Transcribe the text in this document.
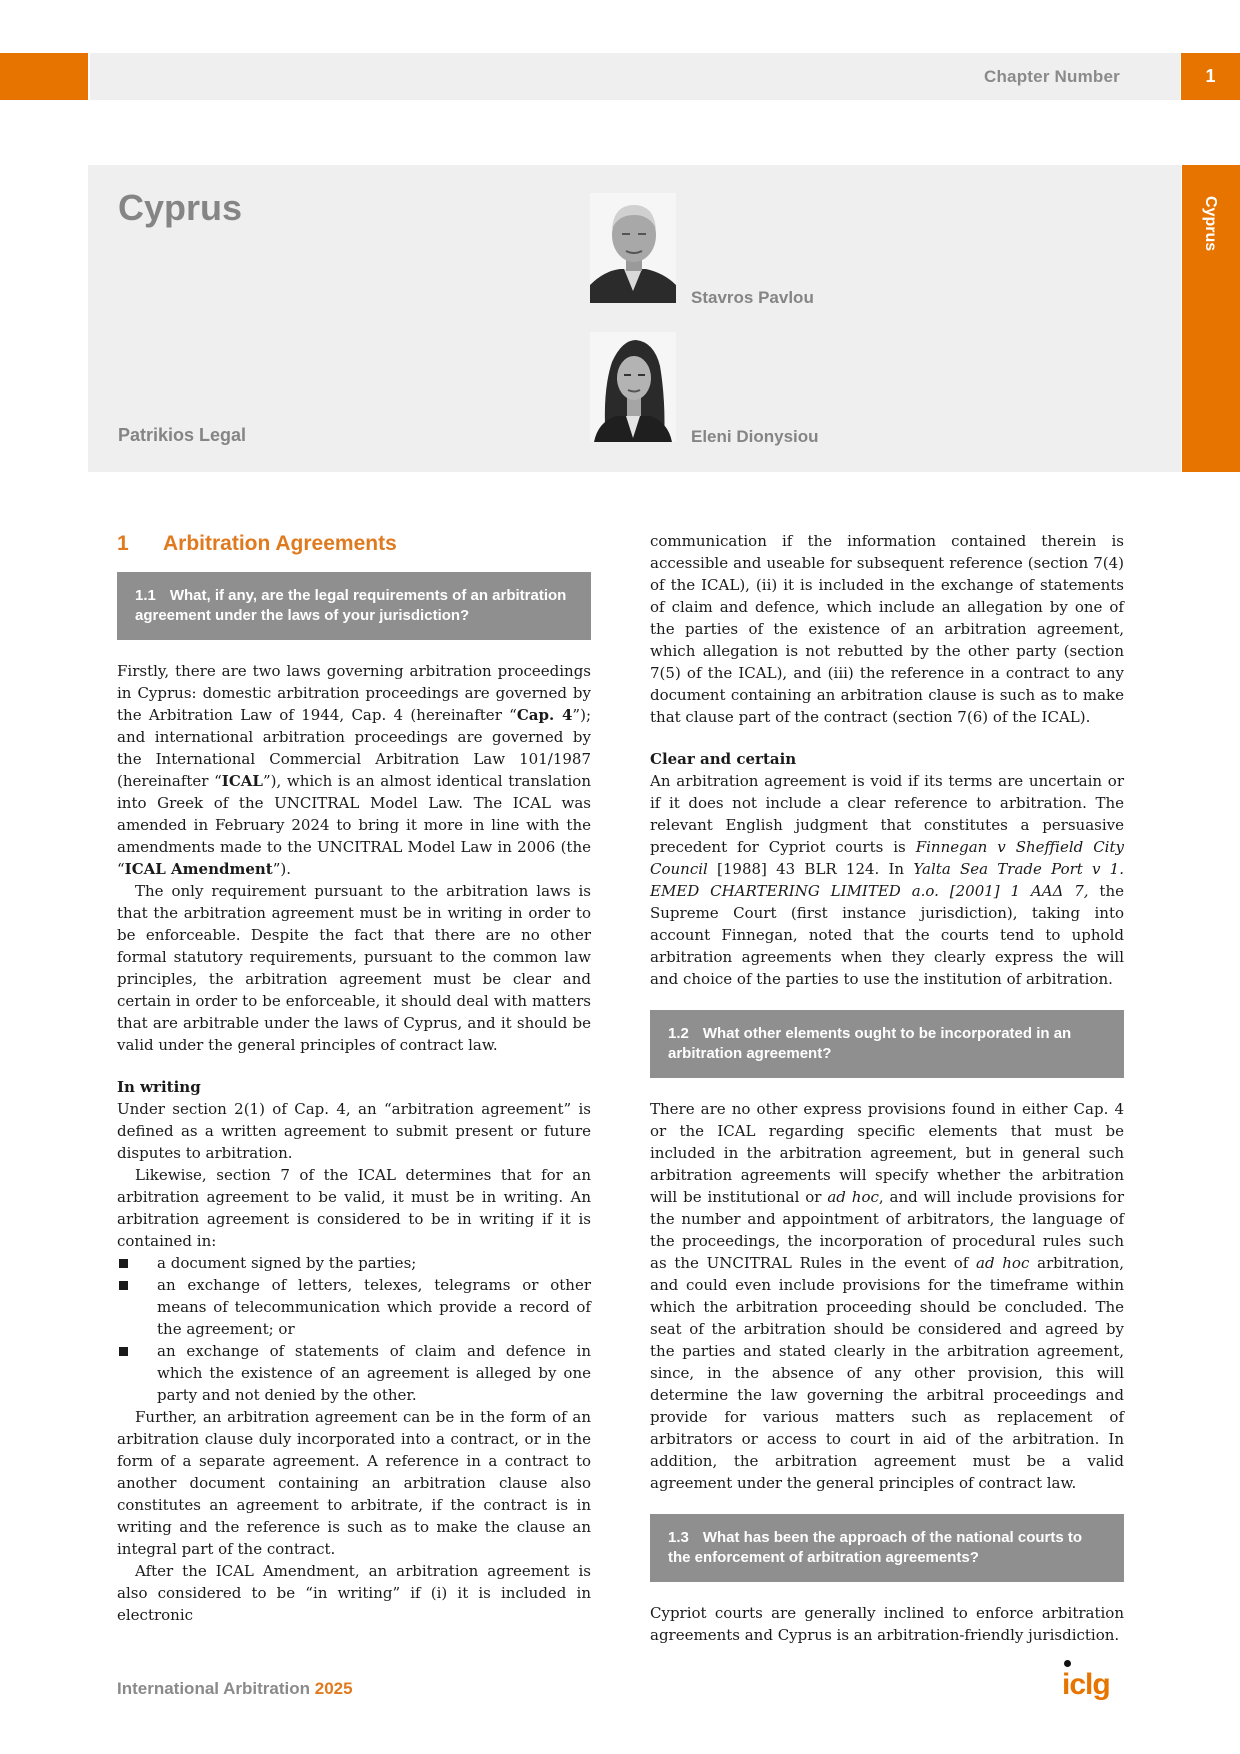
Chapter Number	1
Cyprus
Patrikios Legal
Stavros Pavlou
Eleni Dionysiou
Cyprus
1 Arbitration Agreements
1.1 What, if any, are the legal requirements of an arbitration agreement under the laws of your jurisdiction?

Firstly, there are two laws governing arbitration proceedings in Cyprus: domestic arbitration proceedings are governed by the Arbitration Law of 1944, Cap. 4 (hereinafter “Cap. 4”); and international arbitration proceedings are governed by the International Commercial Arbitration Law 101/1987 (hereinafter “ICAL”), which is an almost identical translation into Greek of the UNCITRAL Model Law. The ICAL was amended in February 2024 to bring it more in line with the amendments made to the UNCITRAL Model Law in 2006 (the “ICAL Amendment”).

The only requirement pursuant to the arbitration laws is that the arbitration agreement must be in writing in order to be enforceable. Despite the fact that there are no other formal statutory requirements, pursuant to the common law principles, the arbitration agreement must be clear and certain in order to be enforceable, it should deal with matters that are arbitrable under the laws of Cyprus, and it should be valid under the general principles of contract law.

In writing

Under section 2(1) of Cap. 4, an “arbitration agreement” is defined as a written agreement to submit present or future disputes to arbitration.

Likewise, section 7 of the ICAL determines that for an arbitration agreement to be valid, it must be in writing. An arbitration agreement is considered to be in writing if it is contained in:

a document signed by the parties;
an exchange of letters, telexes, telegrams or other means of telecommunication which provide a record of the agreement; or
an exchange of statements of claim and defence in which the existence of an agreement is alleged by one party and not denied by the other.

Further, an arbitration agreement can be in the form of an arbitration clause duly incorporated into a contract, or in the form of a separate agreement. A reference in a contract to another document containing an arbitration clause also constitutes an agreement to arbitrate, if the contract is in writing and the reference is such as to make the clause an integral part of the contract.

After the ICAL Amendment, an arbitration agreement is also considered to be “in writing” if (i) it is included in electronic

communication if the information contained therein is accessible and useable for subsequent reference (section 7(4) of the ICAL), (ii) it is included in the exchange of statements of claim and defence, which include an allegation by one of the parties of the existence of an arbitration agreement, which allegation is not rebutted by the other party (section 7(5) of the ICAL), and (iii) the reference in a contract to any document containing an arbitration clause is such as to make that clause part of the contract (section 7(6) of the ICAL).

Clear and certain

An arbitration agreement is void if its terms are uncertain or if it does not include a clear reference to arbitration. The relevant English judgment that constitutes a persuasive precedent for Cypriot courts is Finnegan v Sheffield City Council [1988] 43 BLR 124. In Yalta Sea Trade Port v 1. EMED CHARTERING LIMITED a.o. [2001] 1 ΑΑΔ 7, the Supreme Court (first instance jurisdiction), taking into account Finnegan, noted that the courts tend to uphold arbitration agreements when they clearly express the will and choice of the parties to use the institution of arbitration.

1.2 What other elements ought to be incorporated in an arbitration agreement?

There are no other express provisions found in either Cap. 4 or the ICAL regarding specific elements that must be included in the arbitration agreement, but in general such arbitration agreements will specify whether the arbitration will be institutional or ad hoc, and will include provisions for the number and appointment of arbitrators, the language of the proceedings, the incorporation of procedural rules such as the UNCITRAL Rules in the event of ad hoc arbitration, and could even include provisions for the timeframe within which the arbitration proceeding should be concluded. The seat of the arbitration should be considered and agreed by the parties and stated clearly in the arbitration agreement, since, in the absence of any other provision, this will determine the law governing the arbitral proceedings and provide for various matters such as replacement of arbitrators or access to court in aid of the arbitration. In addition, the arbitration agreement must be a valid agreement under the general principles of contract law.

1.3 What has been the approach of the national courts to the enforcement of arbitration agreements?

Cypriot courts are generally inclined to enforce arbitration agreements and Cyprus is an arbitration-friendly jurisdiction.

International Arbitration 2025	iclg
